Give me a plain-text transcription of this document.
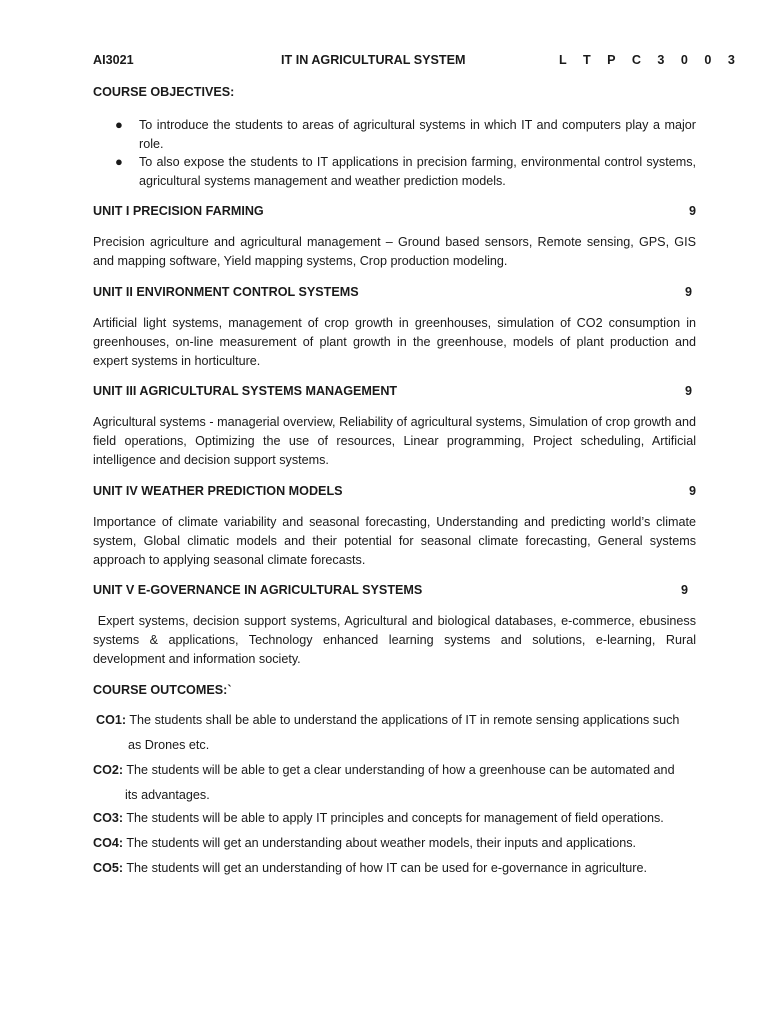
AI3021	IT IN AGRICULTURAL SYSTEM	L T P C 3 0 0 3
COURSE OBJECTIVES:
● To introduce the students to areas of agricultural systems in which IT and computers play a major role.
● To also expose the students to IT applications in precision farming, environmental control systems, agricultural systems management and weather prediction models.
UNIT I PRECISION FARMING	9
Precision agriculture and agricultural management – Ground based sensors, Remote sensing, GPS, GIS and mapping software, Yield mapping systems, Crop production modeling.
UNIT II ENVIRONMENT CONTROL SYSTEMS	9
Artificial light systems, management of crop growth in greenhouses, simulation of CO2 consumption in greenhouses, on-line measurement of plant growth in the greenhouse, models of plant production and expert systems in horticulture.
UNIT III AGRICULTURAL SYSTEMS MANAGEMENT	9
Agricultural systems - managerial overview, Reliability of agricultural systems, Simulation of crop growth and field operations, Optimizing the use of resources, Linear programming, Project scheduling, Artificial intelligence and decision support systems.
UNIT IV WEATHER PREDICTION MODELS	9
Importance of climate variability and seasonal forecasting, Understanding and predicting world’s climate system, Global climatic models and their potential for seasonal climate forecasting, General systems approach to applying seasonal climate forecasts.
UNIT V E-GOVERNANCE IN AGRICULTURAL SYSTEMS	9
Expert systems, decision support systems, Agricultural and biological databases, e-commerce, ebusiness systems & applications, Technology enhanced learning systems and solutions, e-learning, Rural development and information society.
COURSE OUTCOMES:`
CO1: The students shall be able to understand the applications of IT in remote sensing applications such
as Drones etc.
CO2: The students will be able to get a clear understanding of how a greenhouse can be automated and
its advantages.
CO3: The students will be able to apply IT principles and concepts for management of field operations.
CO4: The students will get an understanding about weather models, their inputs and applications.
CO5: The students will get an understanding of how IT can be used for e-governance in agriculture.
